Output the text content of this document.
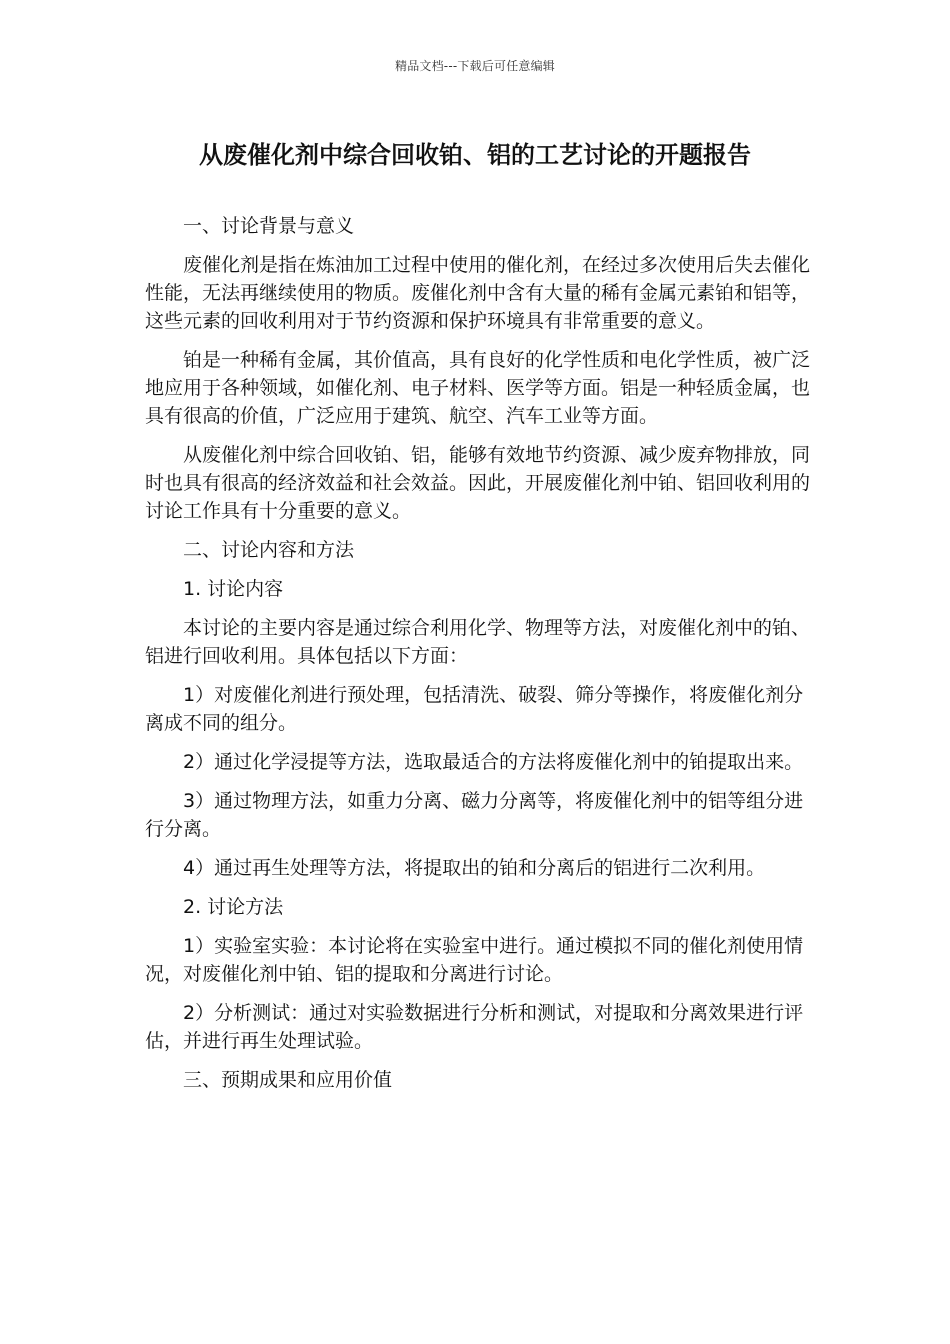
精品文档---下载后可任意编辑
从废催化剂中综合回收铂、铝的工艺讨论的开题报告

一、讨论背景与意义

废催化剂是指在炼油加工过程中使用的催化剂，在经过多次使用后失去催化性能，无法再继续使用的物质。废催化剂中含有大量的稀有金属元素铂和铝等，这些元素的回收利用对于节约资源和保护环境具有非常重要的意义。

铂是一种稀有金属，其价值高，具有良好的化学性质和电化学性质，被广泛地应用于各种领域，如催化剂、电子材料、医学等方面。铝是一种轻质金属，也具有很高的价值，广泛应用于建筑、航空、汽车工业等方面。

从废催化剂中综合回收铂、铝，能够有效地节约资源、减少废弃物排放，同时也具有很高的经济效益和社会效益。因此，开展废催化剂中铂、铝回收利用的讨论工作具有十分重要的意义。

二、讨论内容和方法

1. 讨论内容

本讨论的主要内容是通过综合利用化学、物理等方法，对废催化剂中的铂、铝进行回收利用。具体包括以下方面：

1）对废催化剂进行预处理，包括清洗、破裂、筛分等操作，将废催化剂分离成不同的组分。

2）通过化学浸提等方法，选取最适合的方法将废催化剂中的铂提取出来。

3）通过物理方法，如重力分离、磁力分离等，将废催化剂中的铝等组分进行分离。

4）通过再生处理等方法，将提取出的铂和分离后的铝进行二次利用。

2. 讨论方法

1）实验室实验：本讨论将在实验室中进行。通过模拟不同的催化剂使用情况，对废催化剂中铂、铝的提取和分离进行讨论。

2）分析测试：通过对实验数据进行分析和测试，对提取和分离效果进行评估，并进行再生处理试验。

三、预期成果和应用价值
